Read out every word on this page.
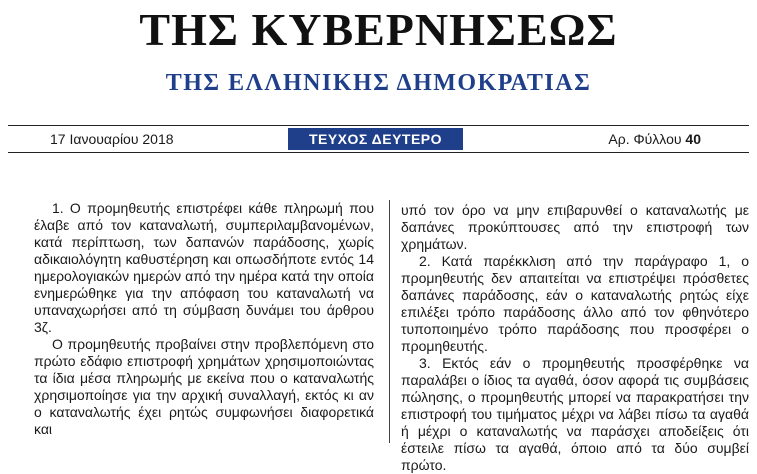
ΤΗΣ ΚΥΒΕΡΝΗΣΕΩΣ
ΤΗΣ ΕΛΛΗΝΙΚΗΣ ΔΗΜΟΚΡΑΤΙΑΣ
17 Ιανουαρίου 2018	ΤΕΥΧΟΣ ΔΕΥΤΕΡΟ	Αρ. Φύλλου 40

1. Ο προμηθευτής επιστρέφει κάθε πληρωμή που έλαβε από τον καταναλωτή, συμπεριλαμβανομένων, κατά περίπτωση, των δαπανών παράδοσης, χωρίς αδικαιολόγητη καθυστέρηση και οπωσδήποτε εντός 14 ημερολογιακών ημερών από την ημέρα κατά την οποία ενημερώθηκε για την απόφαση του καταναλωτή να υπαναχωρήσει από τη σύμβαση δυνάμει του άρθρου 3ζ.

Ο προμηθευτής προβαίνει στην προβλεπόμενη στο πρώτο εδάφιο επιστροφή χρημάτων χρησιμοποιώντας τα ίδια μέσα πληρωμής με εκείνα που ο καταναλωτής χρησιμοποίησε για την αρχική συναλλαγή, εκτός κι αν ο καταναλωτής έχει ρητώς συμφωνήσει διαφορετικά και

υπό τον όρο να μην επιβαρυνθεί ο καταναλωτής με δαπάνες προκύπτουσες από την επιστροφή των χρημάτων.

2. Κατά παρέκκλιση από την παράγραφο 1, ο προμηθευτής δεν απαιτείται να επιστρέψει πρόσθετες δαπάνες παράδοσης, εάν ο καταναλωτής ρητώς είχε επιλέξει τρόπο παράδοσης άλλο από τον φθηνότερο τυποποιημένο τρόπο παράδοσης που προσφέρει ο προμηθευτής.

3. Εκτός εάν ο προμηθευτής προσφέρθηκε να παραλάβει ο ίδιος τα αγαθά, όσον αφορά τις συμβάσεις πώλησης, ο προμηθευτής μπορεί να παρακρατήσει την επιστροφή του τιμήματος μέχρι να λάβει πίσω τα αγαθά ή μέχρι ο καταναλωτής να παράσχει αποδείξεις ότι έστειλε πίσω τα αγαθά, όποιο από τα δύο συμβεί πρώτο.
